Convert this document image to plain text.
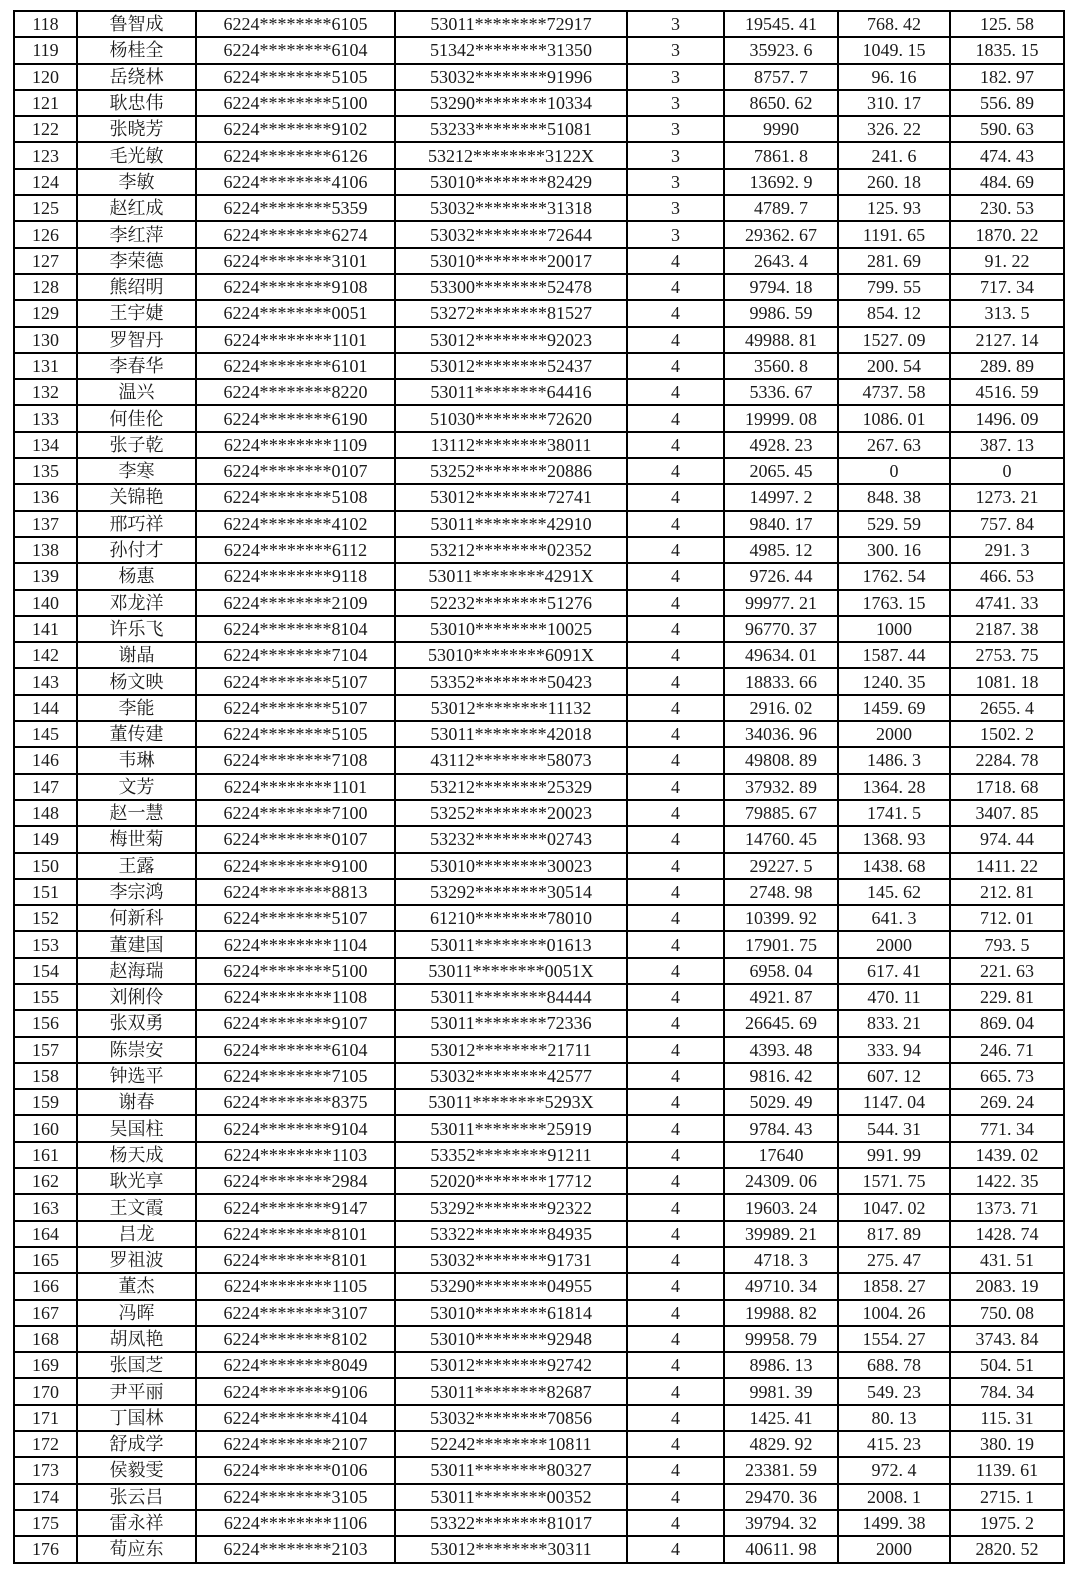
118	鲁智成	6224********6105	53011********72917	3	19545. 41	768. 42	125. 58
119	杨桂全	6224********6104	51342********31350	3	35923. 6	1049. 15	1835. 15
120	岳绕林	6224********5105	53032********91996	3	8757. 7	96. 16	182. 97
121	耿忠伟	6224********5100	53290********10334	3	8650. 62	310. 17	556. 89
122	张晓芳	6224********9102	53233********51081	3	9990	326. 22	590. 63
123	毛光敏	6224********6126	53212********3122X	3	7861. 8	241. 6	474. 43
124	李敏	6224********4106	53010********82429	3	13692. 9	260. 18	484. 69
125	赵红成	6224********5359	53032********31318	3	4789. 7	125. 93	230. 53
126	李红萍	6224********6274	53032********72644	3	29362. 67	1191. 65	1870. 22
127	李荣德	6224********3101	53010********20017	4	2643. 4	281. 69	91. 22
128	熊绍明	6224********9108	53300********52478	4	9794. 18	799. 55	717. 34
129	王宇婕	6224********0051	53272********81527	4	9986. 59	854. 12	313. 5
130	罗智丹	6224********1101	53012********92023	4	49988. 81	1527. 09	2127. 14
131	李春华	6224********6101	53012********52437	4	3560. 8	200. 54	289. 89
132	温兴	6224********8220	53011********64416	4	5336. 67	4737. 58	4516. 59
133	何佳伦	6224********6190	51030********72620	4	19999. 08	1086. 01	1496. 09
134	张子乾	6224********1109	13112********38011	4	4928. 23	267. 63	387. 13
135	李寒	6224********0107	53252********20886	4	2065. 45	0	0
136	关锦艳	6224********5108	53012********72741	4	14997. 2	848. 38	1273. 21
137	邢巧祥	6224********4102	53011********42910	4	9840. 17	529. 59	757. 84
138	孙付才	6224********6112	53212********02352	4	4985. 12	300. 16	291. 3
139	杨惠	6224********9118	53011********4291X	4	9726. 44	1762. 54	466. 53
140	邓龙洋	6224********2109	52232********51276	4	99977. 21	1763. 15	4741. 33
141	许乐飞	6224********8104	53010********10025	4	96770. 37	1000	2187. 38
142	谢晶	6224********7104	53010********6091X	4	49634. 01	1587. 44	2753. 75
143	杨文映	6224********5107	53352********50423	4	18833. 66	1240. 35	1081. 18
144	李能	6224********5107	53012********11132	4	2916. 02	1459. 69	2655. 4
145	董传建	6224********5105	53011********42018	4	34036. 96	2000	1502. 2
146	韦琳	6224********7108	43112********58073	4	49808. 89	1486. 3	2284. 78
147	文芳	6224********1101	53212********25329	4	37932. 89	1364. 28	1718. 68
148	赵一慧	6224********7100	53252********20023	4	79885. 67	1741. 5	3407. 85
149	梅世菊	6224********0107	53232********02743	4	14760. 45	1368. 93	974. 44
150	王露	6224********9100	53010********30023	4	29227. 5	1438. 68	1411. 22
151	李宗鸿	6224********8813	53292********30514	4	2748. 98	145. 62	212. 81
152	何新科	6224********5107	61210********78010	4	10399. 92	641. 3	712. 01
153	董建国	6224********1104	53011********01613	4	17901. 75	2000	793. 5
154	赵海瑞	6224********5100	53011********0051X	4	6958. 04	617. 41	221. 63
155	刘俐伶	6224********1108	53011********84444	4	4921. 87	470. 11	229. 81
156	张双勇	6224********9107	53011********72336	4	26645. 69	833. 21	869. 04
157	陈崇安	6224********6104	53012********21711	4	4393. 48	333. 94	246. 71
158	钟选平	6224********7105	53032********42577	4	9816. 42	607. 12	665. 73
159	谢春	6224********8375	53011********5293X	4	5029. 49	1147. 04	269. 24
160	吴国柱	6224********9104	53011********25919	4	9784. 43	544. 31	771. 34
161	杨天成	6224********1103	53352********91211	4	17640	991. 99	1439. 02
162	耿光享	6224********2984	52020********17712	4	24309. 06	1571. 75	1422. 35
163	王文霞	6224********9147	53292********92322	4	19603. 24	1047. 02	1373. 71
164	吕龙	6224********8101	53322********84935	4	39989. 21	817. 89	1428. 74
165	罗祖波	6224********8101	53032********91731	4	4718. 3	275. 47	431. 51
166	董杰	6224********1105	53290********04955	4	49710. 34	1858. 27	2083. 19
167	冯晖	6224********3107	53010********61814	4	19988. 82	1004. 26	750. 08
168	胡凤艳	6224********8102	53010********92948	4	99958. 79	1554. 27	3743. 84
169	张国芝	6224********8049	53012********92742	4	8986. 13	688. 78	504. 51
170	尹平丽	6224********9106	53011********82687	4	9981. 39	549. 23	784. 34
171	丁国林	6224********4104	53032********70856	4	1425. 41	80. 13	115. 31
172	舒成学	6224********2107	52242********10811	4	4829. 92	415. 23	380. 19
173	侯毅雯	6224********0106	53011********80327	4	23381. 59	972. 4	1139. 61
174	张云吕	6224********3105	53011********00352	4	29470. 36	2008. 1	2715. 1
175	雷永祥	6224********1106	53322********81017	4	39794. 32	1499. 38	1975. 2
176	荀应东	6224********2103	53012********30311	4	40611. 98	2000	2820. 52
